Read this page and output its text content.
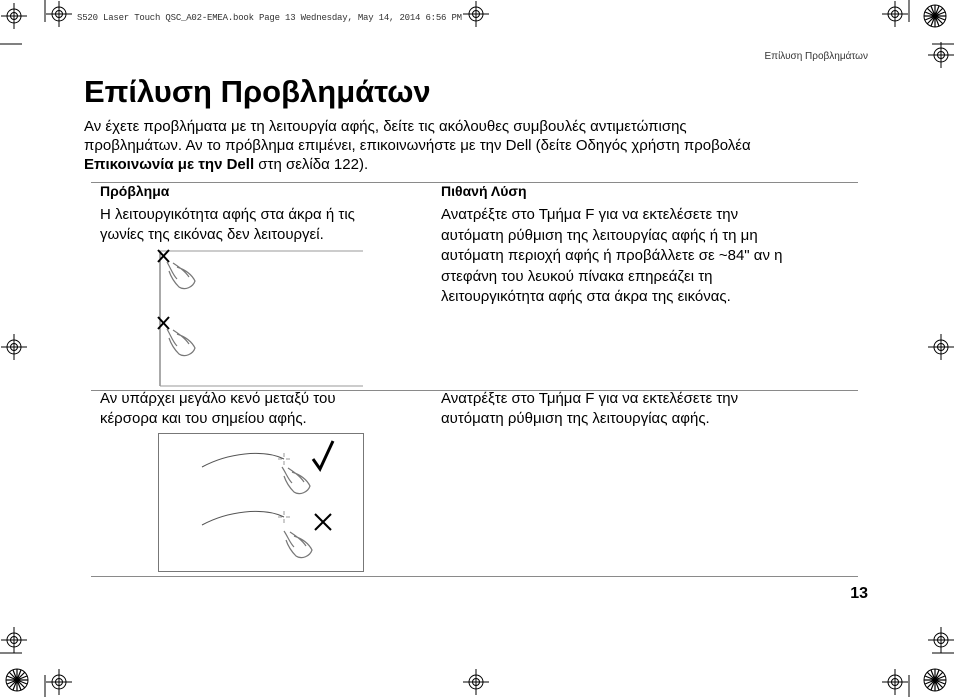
S520 Laser Touch QSC_A02-EMEA.book Page 13 Wednesday, May 14, 2014 6:56 PM
Επίλυση Προβλημάτων
Επίλυση Προβλημάτων
Αν έχετε προβλήματα με τη λειτουργία αφής, δείτε τις ακόλουθες συμβουλές αντιμετώπισης
προβλημάτων. Αν το πρόβλημα επιμένει, επικοινωνήστε με την Dell (δείτε Οδηγός χρήστη προβολέα
Επικοινωνία με την Dell στη σελίδα 122).
Πρόβλημα	Πιθανή Λύση
Η λειτουργικότητα αφής στα άκρα ή τις
γωνίες της εικόνας δεν λειτουργεί.
Ανατρέξτε στο Τμήμα F για να εκτελέσετε την
αυτόματη ρύθμιση της λειτουργίας αφής ή τη μη
αυτόματη περιοχή αφής ή προβάλλετε σε ~84" αν η
στεφάνη του λευκού πίνακα επηρεάζει τη
λειτουργικότητα αφής στα άκρα της εικόνας.
Αν υπάρχει μεγάλο κενό μεταξύ του
κέρσορα και του σημείου αφής.
Ανατρέξτε στο Τμήμα F για να εκτελέσετε την
αυτόματη ρύθμιση της λειτουργίας αφής.
13
